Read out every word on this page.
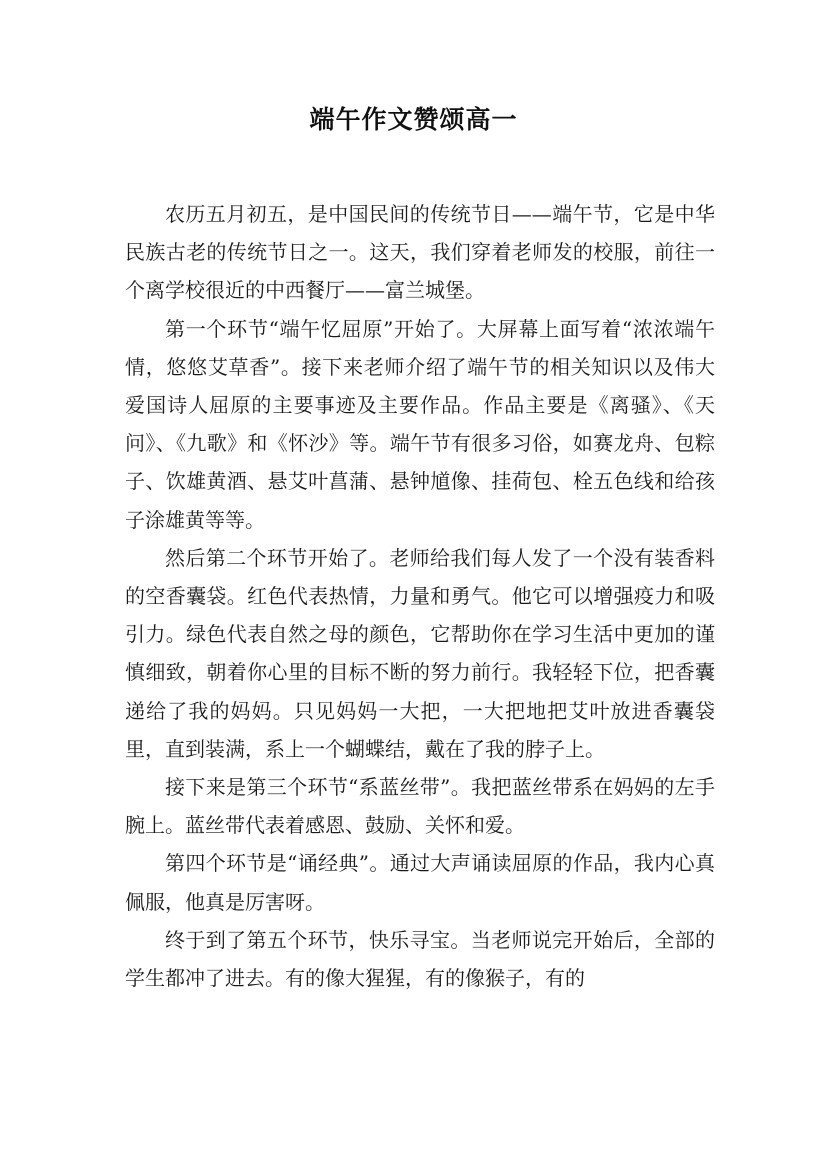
端午作文赞颂高一

农历五月初五，是中国民间的传统节日——端午节，它是中华民族古老的传统节日之一。这天，我们穿着老师发的校服，前往一个离学校很近的中西餐厅——富兰城堡。

第一个环节“端午忆屈原”开始了。大屏幕上面写着“浓浓端午情，悠悠艾草香”。接下来老师介绍了端午节的相关知识以及伟大爱国诗人屈原的主要事迹及主要作品。作品主要是《离骚》、《天问》、《九歌》和《怀沙》等。端午节有很多习俗，如赛龙舟、包粽子、饮雄黄酒、悬艾叶菖蒲、悬钟馗像、挂荷包、栓五色线和给孩子涂雄黄等等。

然后第二个环节开始了。老师给我们每人发了一个没有装香料的空香囊袋。红色代表热情，力量和勇气。他它可以增强疫力和吸引力。绿色代表自然之母的颜色，它帮助你在学习生活中更加的谨慎细致，朝着你心里的目标不断的努力前行。我轻轻下位，把香囊递给了我的妈妈。只见妈妈一大把，一大把地把艾叶放进香囊袋里，直到装满，系上一个蝴蝶结，戴在了我的脖子上。

接下来是第三个环节“系蓝丝带”。我把蓝丝带系在妈妈的左手腕上。蓝丝带代表着感恩、鼓励、关怀和爱。

第四个环节是“诵经典”。通过大声诵读屈原的作品，我内心真佩服，他真是厉害呀。

终于到了第五个环节，快乐寻宝。当老师说完开始后，全部的学生都冲了进去。有的像大猩猩，有的像猴子，有的
